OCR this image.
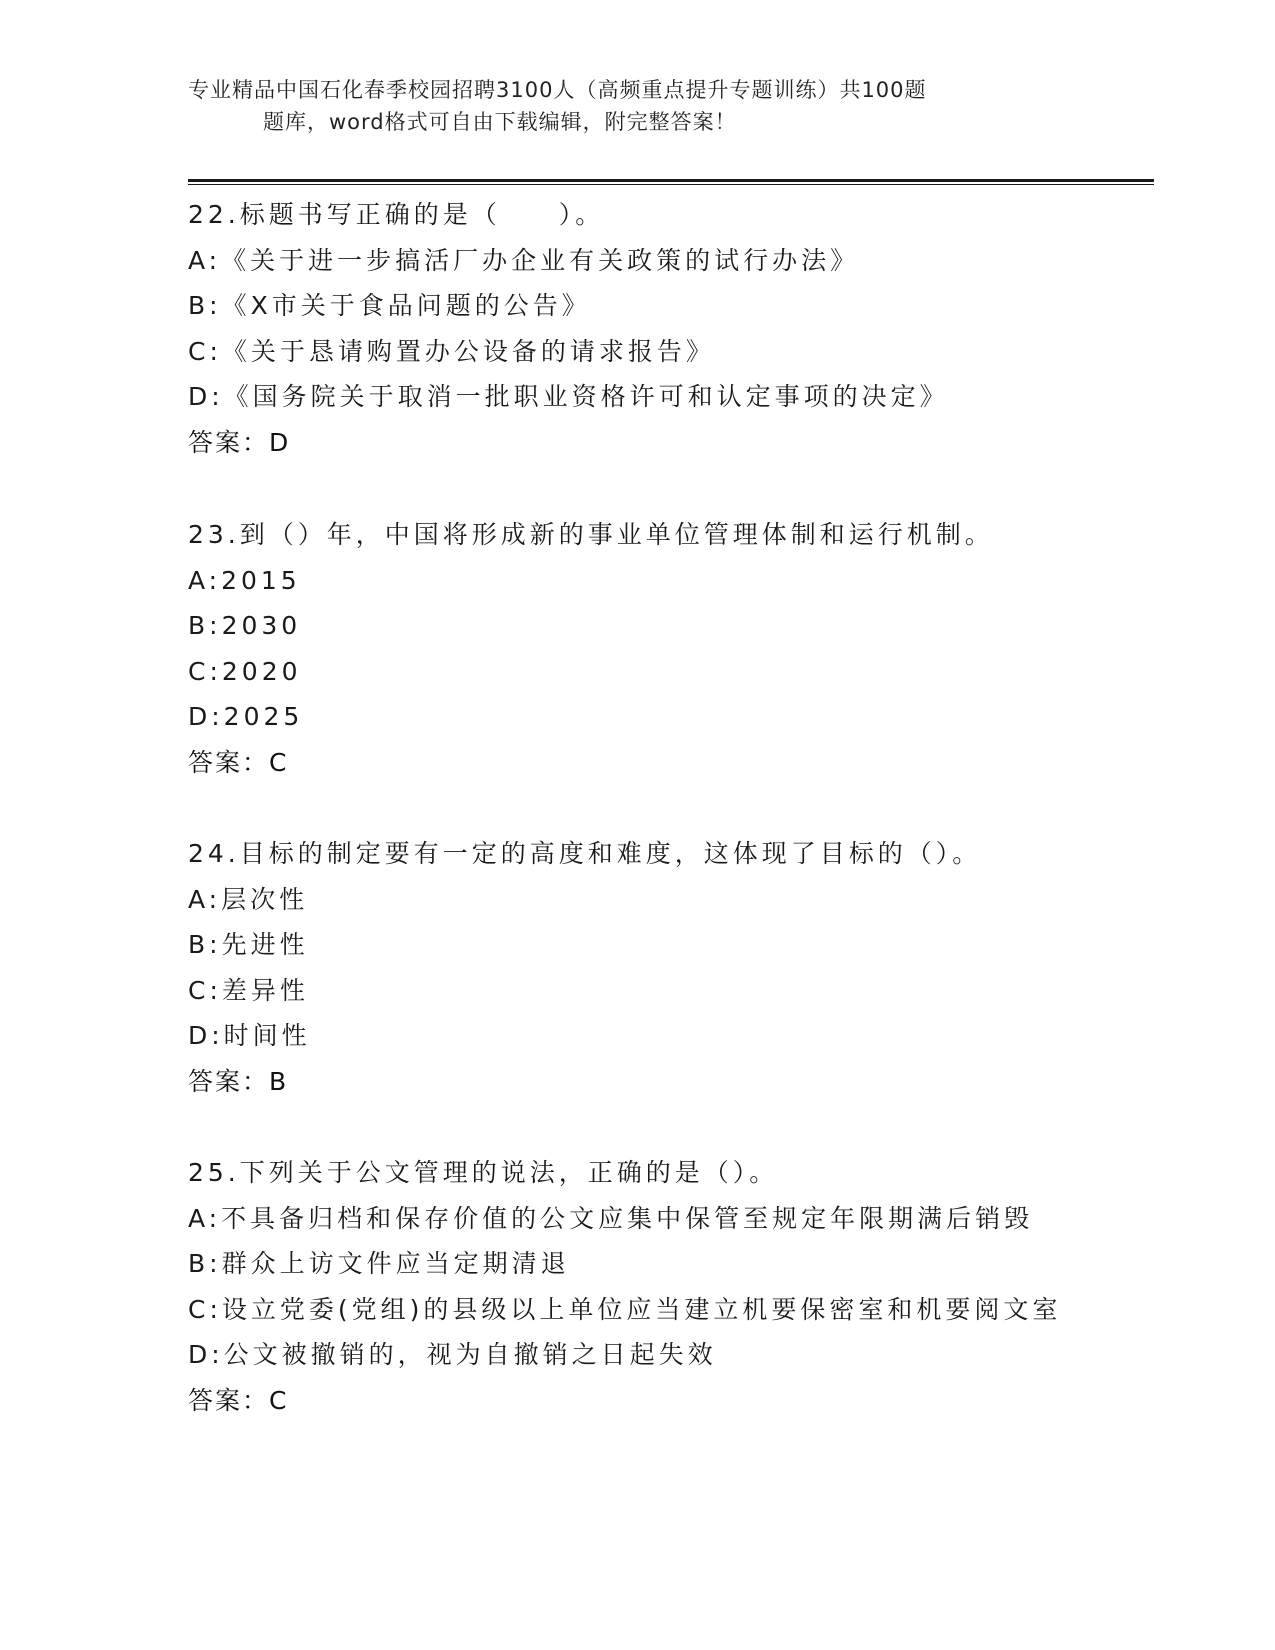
专业精品中国石化春季校园招聘3100人（高频重点提升专题训练）共100题
题库，word格式可自由下载编辑，附完整答案！
22.标题书写正确的是（　　）。
A:《关于进一步搞活厂办企业有关政策的试行办法》
B:《X市关于食品问题的公告》
C:《关于恳请购置办公设备的请求报告》
D:《国务院关于取消一批职业资格许可和认定事项的决定》
答案：D
23.到（）年，中国将形成新的事业单位管理体制和运行机制。
A:2015
B:2030
C:2020
D:2025
答案：C
24.目标的制定要有一定的高度和难度，这体现了目标的（）。
A:层次性
B:先进性
C:差异性
D:时间性
答案：B
25.下列关于公文管理的说法，正确的是（）。
A:不具备归档和保存价值的公文应集中保管至规定年限期满后销毁
B:群众上访文件应当定期清退
C:设立党委(党组)的县级以上单位应当建立机要保密室和机要阅文室
D:公文被撤销的，视为自撤销之日起失效
答案：C
